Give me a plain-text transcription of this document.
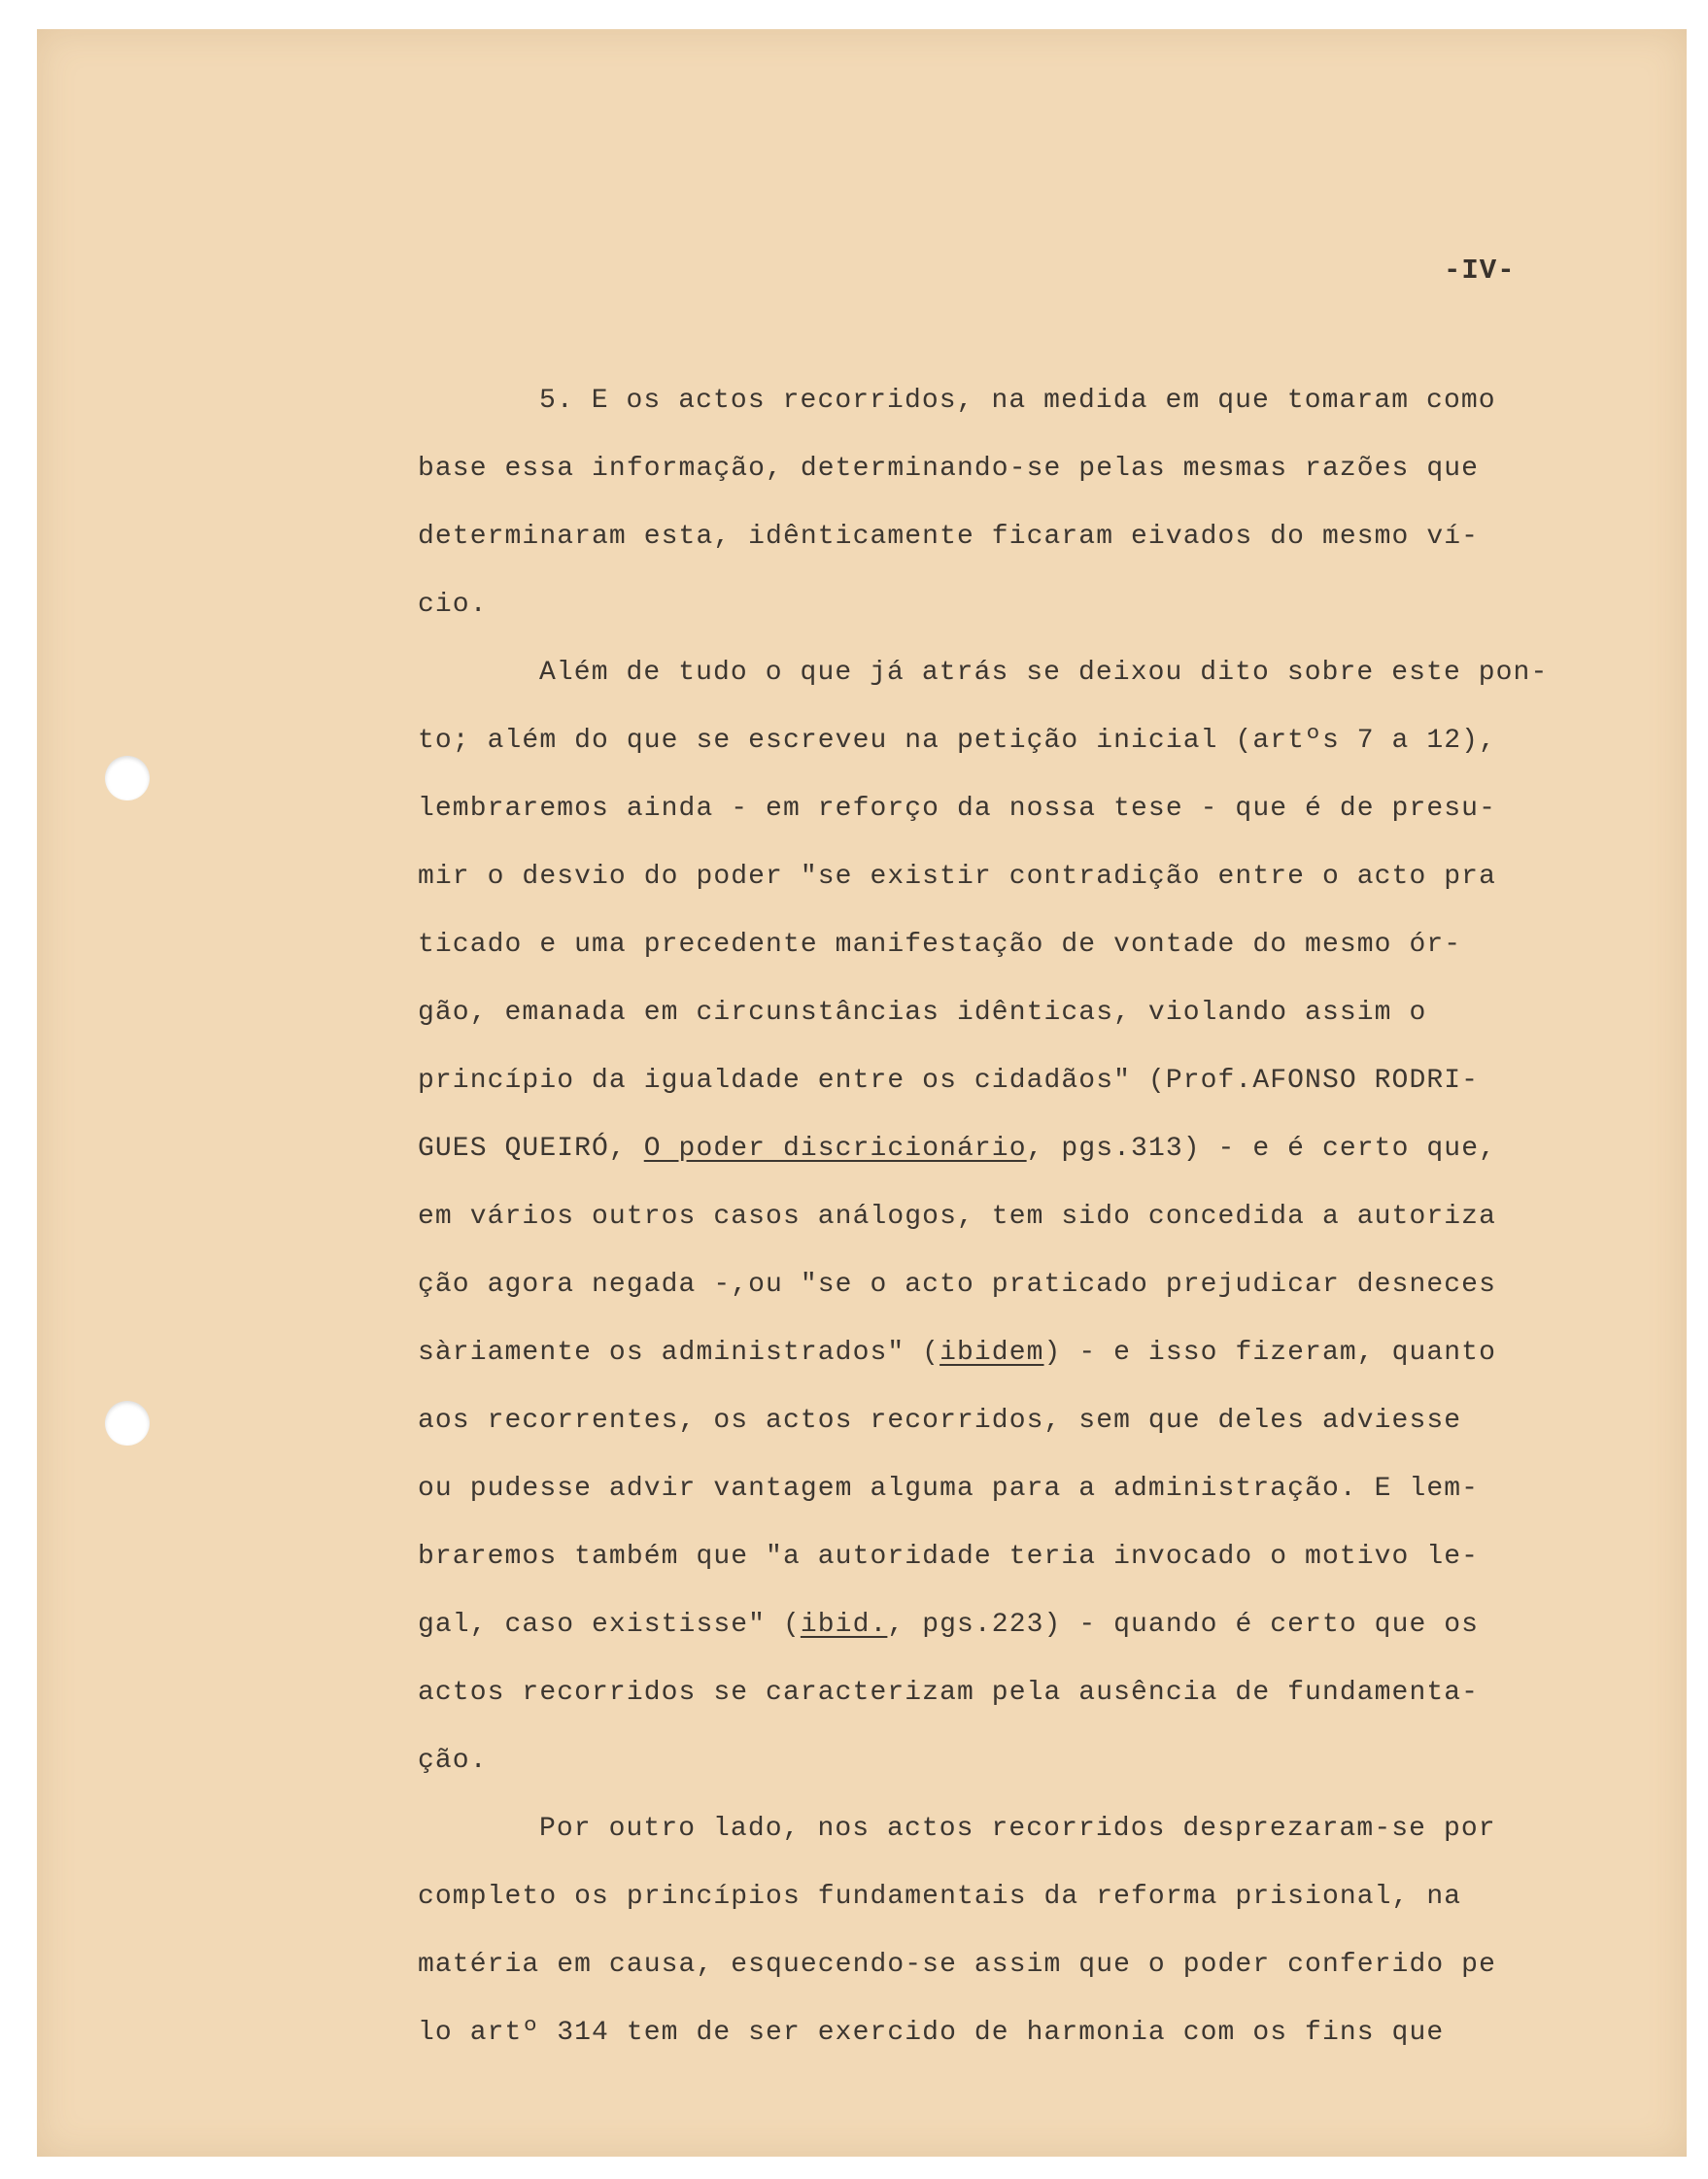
-IV-
5. E os actos recorridos, na medida em que tomaram como
base essa informação, determinando-se pelas mesmas razões que
determinaram esta, idênticamente ficaram eivados do mesmo ví-
cio.
Além de tudo o que já atrás se deixou dito sobre este pon-
to; além do que se escreveu na petição inicial (artºs 7 a 12),
lembraremos ainda - em reforço da nossa tese - que é de presu-
mir o desvio do poder "se existir contradição entre o acto pra
ticado e uma precedente manifestação de vontade do mesmo ór-
gão, emanada em circunstâncias idênticas, violando assim o
princípio da igualdade entre os cidadãos" (Prof.AFONSO RODRI-
GUES QUEIRÓ, O poder discricionário, pgs.313) - e é certo que,
em vários outros casos análogos, tem sido concedida a autoriza
ção agora negada -,ou "se o acto praticado prejudicar desneces
sàriamente os administrados" (ibidem) - e isso fizeram, quanto
aos recorrentes, os actos recorridos, sem que deles adviesse
ou pudesse advir vantagem alguma para a administração. E lem-
braremos também que "a autoridade teria invocado o motivo le-
gal, caso existisse" (ibid., pgs.223) - quando é certo que os
actos recorridos se caracterizam pela ausência de fundamenta-
ção.
Por outro lado, nos actos recorridos desprezaram-se por
completo os princípios fundamentais da reforma prisional, na
matéria em causa, esquecendo-se assim que o poder conferido pe
lo artº 314 tem de ser exercido de harmonia com os fins que
